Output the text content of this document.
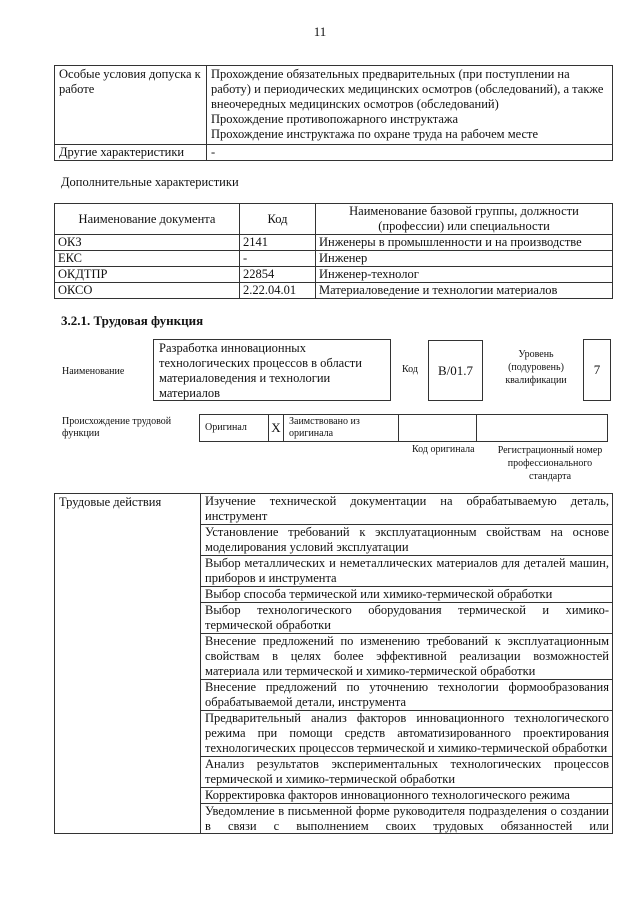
11
Особые условия допуска к работе	Прохождение обязательных предварительных (при поступлении на работу) и периодических медицинских осмотров (обследований), а также внеочередных медицинских осмотров (обследований)
Прохождение противопожарного инструктажа
Прохождение инструктажа по охране труда на рабочем месте

Другие характеристики	-
Дополнительные характеристики
Наименование документа	Код	Наименование базовой группы, должности (профессии) или специальности
ОКЗ	2141	Инженеры в промышленности и на производстве
ЕКС	-	Инженер
ОКДТПР	22854	Инженер-технолог
ОКСО	2.22.04.01	Материаловедение и технологии материалов
3.2.1. Трудовая функция
Наименование
Разработка инновационных технологических процессов в области материаловедения и технологии материалов
Код	B/01.7
Уровень (подуровень) квалификации
7
Происхождение трудовой функции
Оригинал	X	Заимствовано из оригинала		
Код оригинала	Регистрационный номер профессионального стандарта
Трудовые действия	Изучение технической документации на обрабатываемую деталь, инструмент
Установление требований к эксплуатационным свойствам на основе моделирования условий эксплуатации
Выбор металлических и неметаллических материалов для деталей машин, приборов и инструмента
Выбор способа термической или химико-термической обработки
Выбор технологического оборудования термической и химико-термической обработки
Внесение предложений по изменению требований к эксплуатационным свойствам в целях более эффективной реализации возможностей материала или термической и химико-термической обработки
Внесение предложений по уточнению технологии формообразования обрабатываемой детали, инструмента
Предварительный анализ факторов инновационного технологического режима при помощи средств автоматизированного проектирования технологических процессов термической и химико-термической обработки
Анализ результатов экспериментальных технологических процессов термической и химико-термической обработки
Корректировка факторов инновационного технологического режима

Уведомление в письменной форме руководителя подразделения о создании в связи с выполнением своих трудовых обязанностей или
